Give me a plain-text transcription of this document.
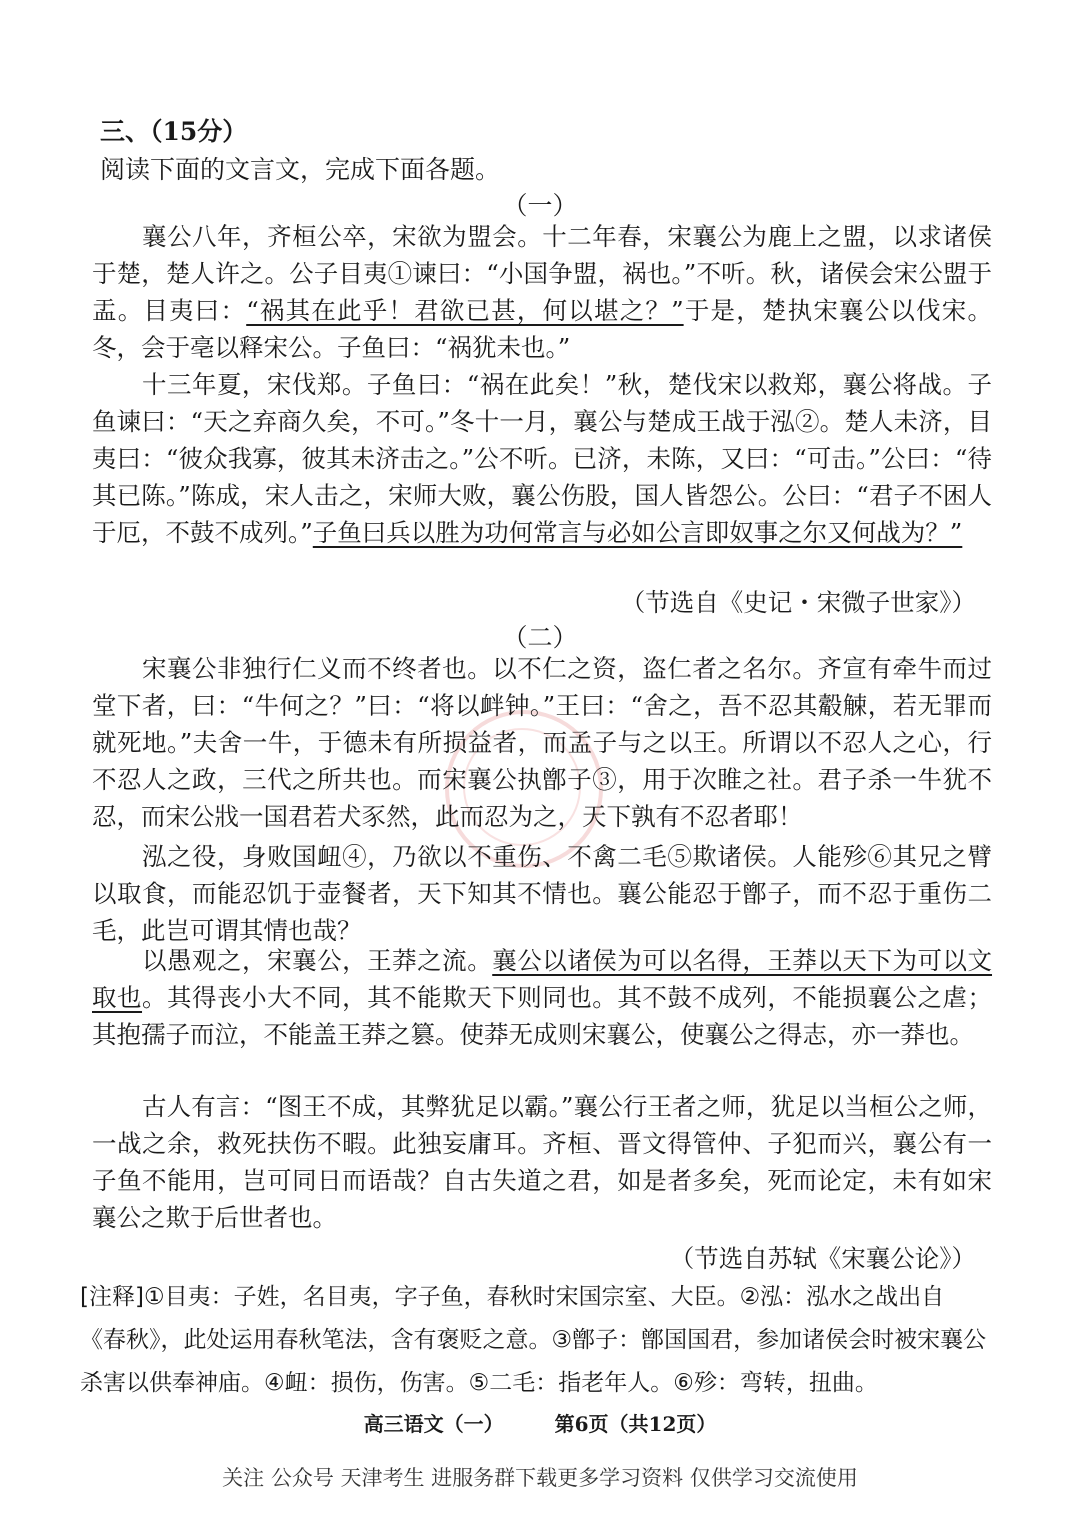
三、（15分）
阅读下面的文言文，完成下面各题。
（一）

襄公八年，齐桓公卒，宋欲为盟会。十二年春，宋襄公为鹿上之盟，以求诸侯于楚，楚人许之。公子目夷①谏曰：“小国争盟，祸也。”不听。秋，诸侯会宋公盟于盂。目夷曰：“祸其在此乎！君欲已甚，何以堪之？”于是，楚执宋襄公以伐宋。冬，会于亳以释宋公。子鱼曰：“祸犹未也。”

十三年夏，宋伐郑。子鱼曰：“祸在此矣！”秋，楚伐宋以救郑，襄公将战。子鱼谏曰：“天之弃商久矣，不可。”冬十一月，襄公与楚成王战于泓②。楚人未济，目夷曰：“彼众我寡，彼其未济击之。”公不听。已济，未陈，又曰：“可击。”公曰：“待其已陈。”陈成，宋人击之，宋师大败，襄公伤股，国人皆怨公。公曰：“君子不困人于厄，不鼓不成列。”子鱼曰兵以胜为功何常言与必如公言即奴事之尔又何战为？”

（节选自《史记・宋微子世家》）
（二）

宋襄公非独行仁义而不终者也。以不仁之资，盗仁者之名尔。齐宣有牵牛而过堂下者，曰：“牛何之？”曰：“将以衅钟。”王曰：“舍之，吾不忍其觳觫，若无罪而就死地。”夫舍一牛，于德未有所损益者，而孟子与之以王。所谓以不忍人之心，行不忍人之政，三代之所共也。而宋襄公执鄫子③，用于次睢之社。君子杀一牛犹不忍，而宋公戕一国君若犬豕然，此而忍为之，天下孰有不忍者耶！

泓之役，身败国衄④，乃欲以不重伤、不禽二毛⑤欺诸侯。人能殄⑥其兄之臂以取食，而能忍饥于壶餐者，天下知其不情也。襄公能忍于鄫子，而不忍于重伤二毛，此岂可谓其情也哉？

以愚观之，宋襄公，王莽之流。襄公以诸侯为可以名得，王莽以天下为可以文取也。其得丧小大不同，其不能欺天下则同也。其不鼓不成列，不能损襄公之虐；其抱孺子而泣，不能盖王莽之篡。使莽无成则宋襄公，使襄公之得志，亦一莽也。

古人有言：“图王不成，其弊犹足以霸。”襄公行王者之师，犹足以当桓公之师，一战之余，救死扶伤不暇。此独妄庸耳。齐桓、晋文得管仲、子犯而兴，襄公有一子鱼不能用，岂可同日而语哉？自古失道之君，如是者多矣，死而论定，未有如宋襄公之欺于后世者也。

（节选自苏轼《宋襄公论》）

[注释]①目夷：子姓，名目夷，字子鱼，春秋时宋国宗室、大臣。②泓：泓水之战出自《春秋》，此处运用春秋笔法，含有褒贬之意。③鄫子：鄫国国君，参加诸侯会时被宋襄公杀害以供奉神庙。④衄：损伤，伤害。⑤二毛：指老年人。⑥殄：弯转，扭曲。

高三语文（一）	第6页（共12页）
关注 公众号 天津考生 进服务群下载更多学习资料 仅供学习交流使用
